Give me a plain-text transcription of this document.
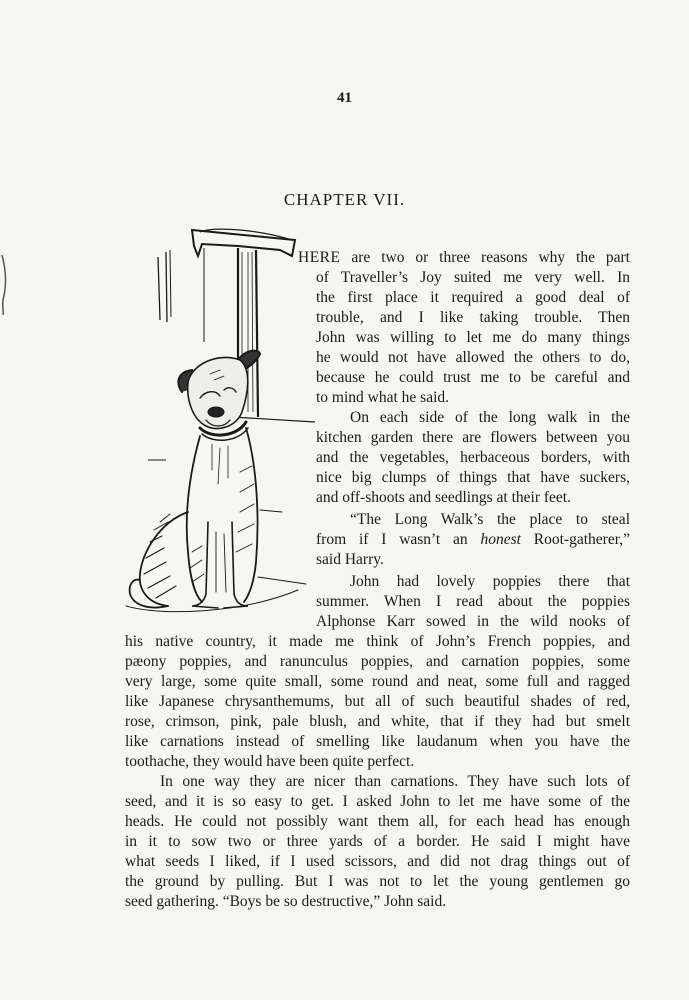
41
CHAPTER VII.
HERE are two or three reasons why the part
of Traveller’s Joy suited me very well. In
the first place it required a good deal of
trouble, and I like taking trouble. Then
John was willing to let me do many things
he would not have allowed the others to do,
because he could trust me to be careful and
to mind what he said.
On each side of the long walk in the
kitchen garden there are flowers between you
and the vegetables, herbaceous borders, with
nice big clumps of things that have suckers,
and off-shoots and seedlings at their feet.
“The Long Walk’s the place to steal
from if I wasn’t an honest Root-gatherer,”
said Harry.
John had lovely poppies there that
summer. When I read about the poppies
Alphonse Karr sowed in the wild nooks of
his native country, it made me think of John’s French poppies, and
pæony poppies, and ranunculus poppies, and carnation poppies, some
very large, some quite small, some round and neat, some full and ragged
like Japanese chrysanthemums, but all of such beautiful shades of red,
rose, crimson, pink, pale blush, and white, that if they had but smelt
like carnations instead of smelling like laudanum when you have the
toothache, they would have been quite perfect.
In one way they are nicer than carnations. They have such lots of
seed, and it is so easy to get. I asked John to let me have some of the
heads. He could not possibly want them all, for each head has enough
in it to sow two or three yards of a border. He said I might have
what seeds I liked, if I used scissors, and did not drag things out of
the ground by pulling. But I was not to let the young gentlemen go
seed gathering. “Boys be so destructive,” John said.
